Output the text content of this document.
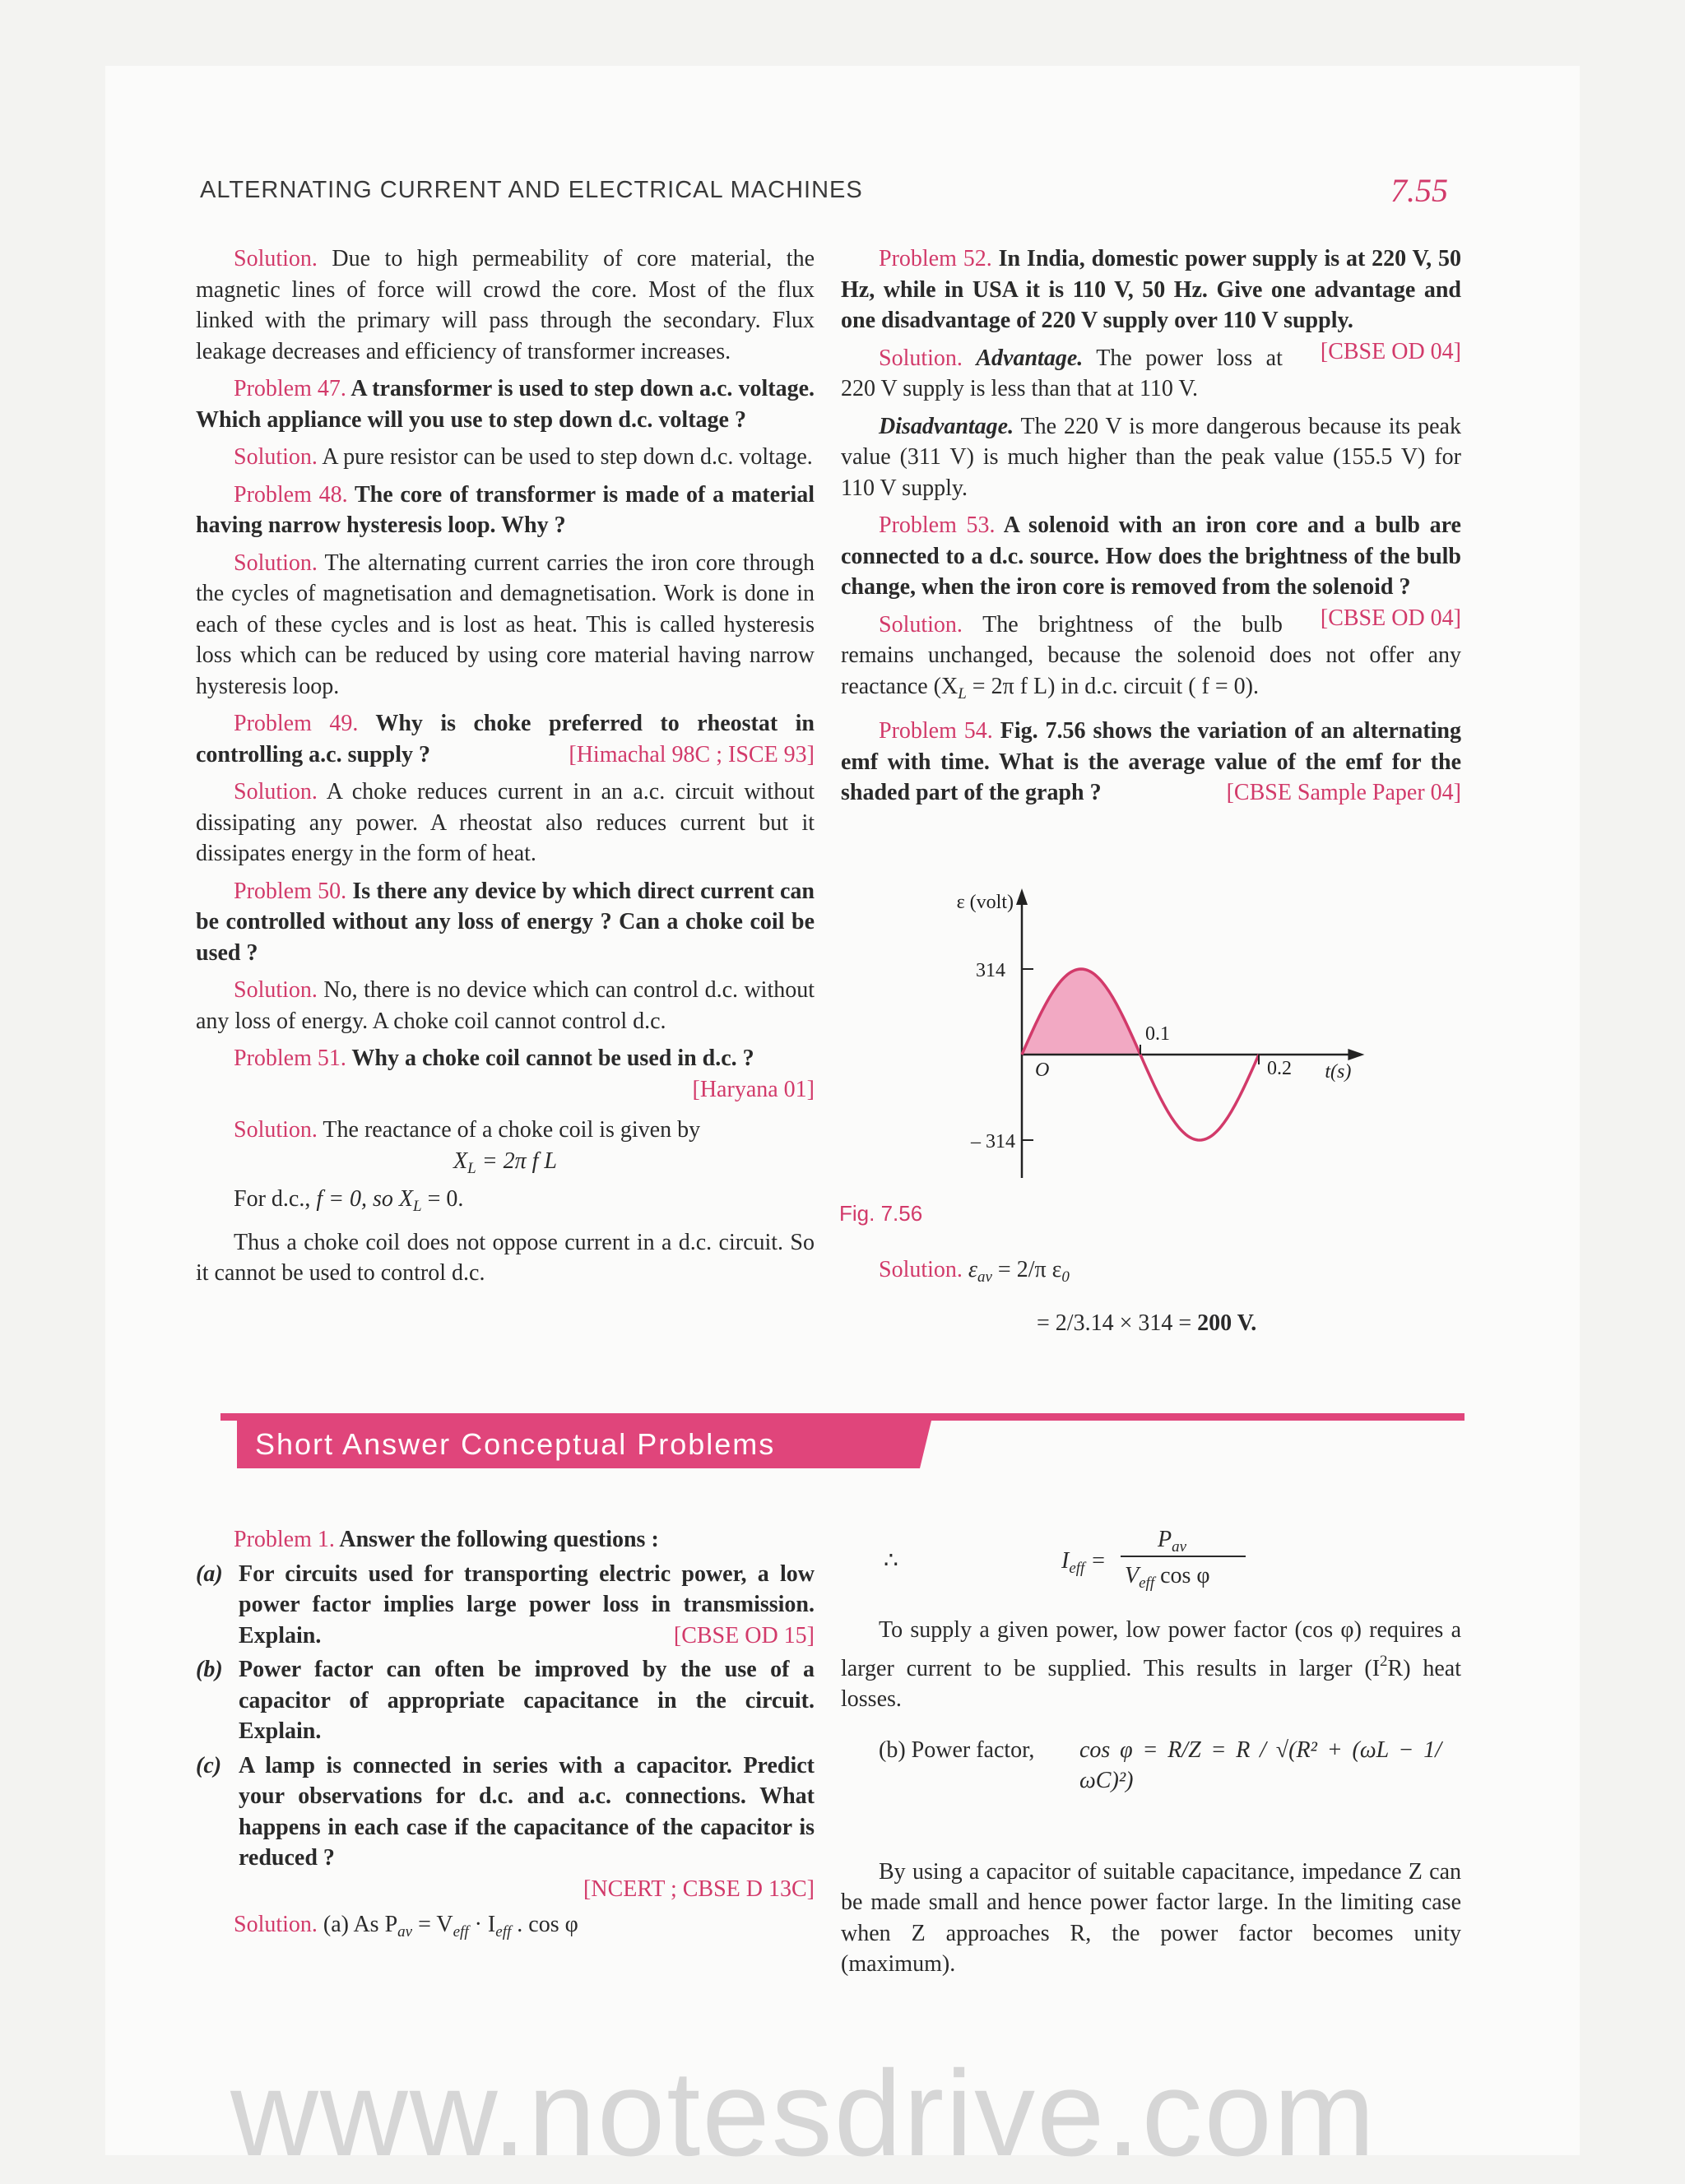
ALTERNATING CURRENT AND ELECTRICAL MACHINES	7.55

Solution. Due to high permeability of core material, the magnetic lines of force will crowd the core. Most of the flux linked with the primary will pass through the secondary. Flux leakage decreases and efficiency of transformer increases.

Problem 47. A transformer is used to step down a.c. voltage. Which appliance will you use to step down d.c. voltage ?

Solution. A pure resistor can be used to step down d.c. voltage.

Problem 48. The core of transformer is made of a material having narrow hysteresis loop. Why ?

Solution. The alternating current carries the iron core through the cycles of magnetisation and demagnetisation. Work is done in each of these cycles and is lost as heat. This is called hysteresis loss which can be reduced by using core material having narrow hysteresis loop.

Problem 49. Why is choke preferred to rheostat in controlling a.c. supply ?	[Himachal 98C ; ISCE 93]

Solution. A choke reduces current in an a.c. circuit without dissipating any power. A rheostat also reduces current but it dissipates energy in the form of heat.

Problem 50. Is there any device by which direct current can be controlled without any loss of energy ? Can a choke coil be used ?

Solution. No, there is no device which can control d.c. without any loss of energy. A choke coil cannot control d.c.

Problem 51. Why a choke coil cannot be used in d.c. ?

[Haryana 01]

Solution. The reactance of a choke coil is given by

$X_L = 2\pi$ f L

For d.c., f = 0, so $X_L = 0$.

Thus a choke coil does not oppose current in a d.c. circuit. So it cannot be used to control d.c.

Problem 52. In India, domestic power supply is at 220 V, 50 Hz, while in USA it is 110 V, 50 Hz. Give one advantage and one disadvantage of 220 V supply over 110 V supply.
[CBSE OD 04]

Solution. Advantage. The power loss at 220 V supply is less than that at 110 V.

Disadvantage. The 220 V is more dangerous because its peak value (311 V) is much higher than the peak value (155.5 V) for 110 V supply.

Problem 53. A solenoid with an iron core and a bulb are connected to a d.c. source. How does the brightness of the bulb change, when the iron core is removed from the solenoid ?
[CBSE OD 04]

Solution. The brightness of the bulb remains unchanged, because the solenoid does not offer any reactance ($X_L = 2\pi$ f L) in d.c. circuit ( f = 0).

Problem 54. Fig. 7.56 shows the variation of an alternating emf with time. What is the average value of the emf for the shaded part of the graph ?	[CBSE Sample Paper 04]

314
– 314
O
0.1
0.2 t(s)
ε (volt)
Fig. 7.56
Solution. $\varepsilon_{av} = 2/\pi$ $\varepsilon_0$
= 2/3.14 × 314 = 200 V.
Short Answer Conceptual Problems

Problem 1. Answer the following questions :

(a) For circuits used for transporting electric power, a low power factor implies large power loss in transmission. Explain.	[CBSE OD 15]

(b) Power factor can often be improved by the use of a capacitor of appropriate capacitance in the circuit. Explain.

(c) A lamp is connected in series with a capacitor. Predict your observations for d.c. and a.c. connections. What happens in each case if the capacitance of the capacitor is reduced ?

[NCERT ; CBSE D 13C]

Solution. (a) As $P_{av} = V_{eff} \cdot I_{eff}$ . cos φ

∴	$I_{eff}$ =
$P_{av}$
$V_{eff}$ cos φ

To supply a given power, low power factor (cos φ) requires a larger current to be supplied. This results in larger $(I^2R)$ heat losses.

(b) Power factor, cos φ = R/Z = R / √(R² + (ωL − 1/ωC)²)

By using a capacitor of suitable capacitance, impedance Z can be made small and hence power factor large. In the limiting case when Z approaches R, the power factor becomes unity (maximum).

www.notesdrive.com
